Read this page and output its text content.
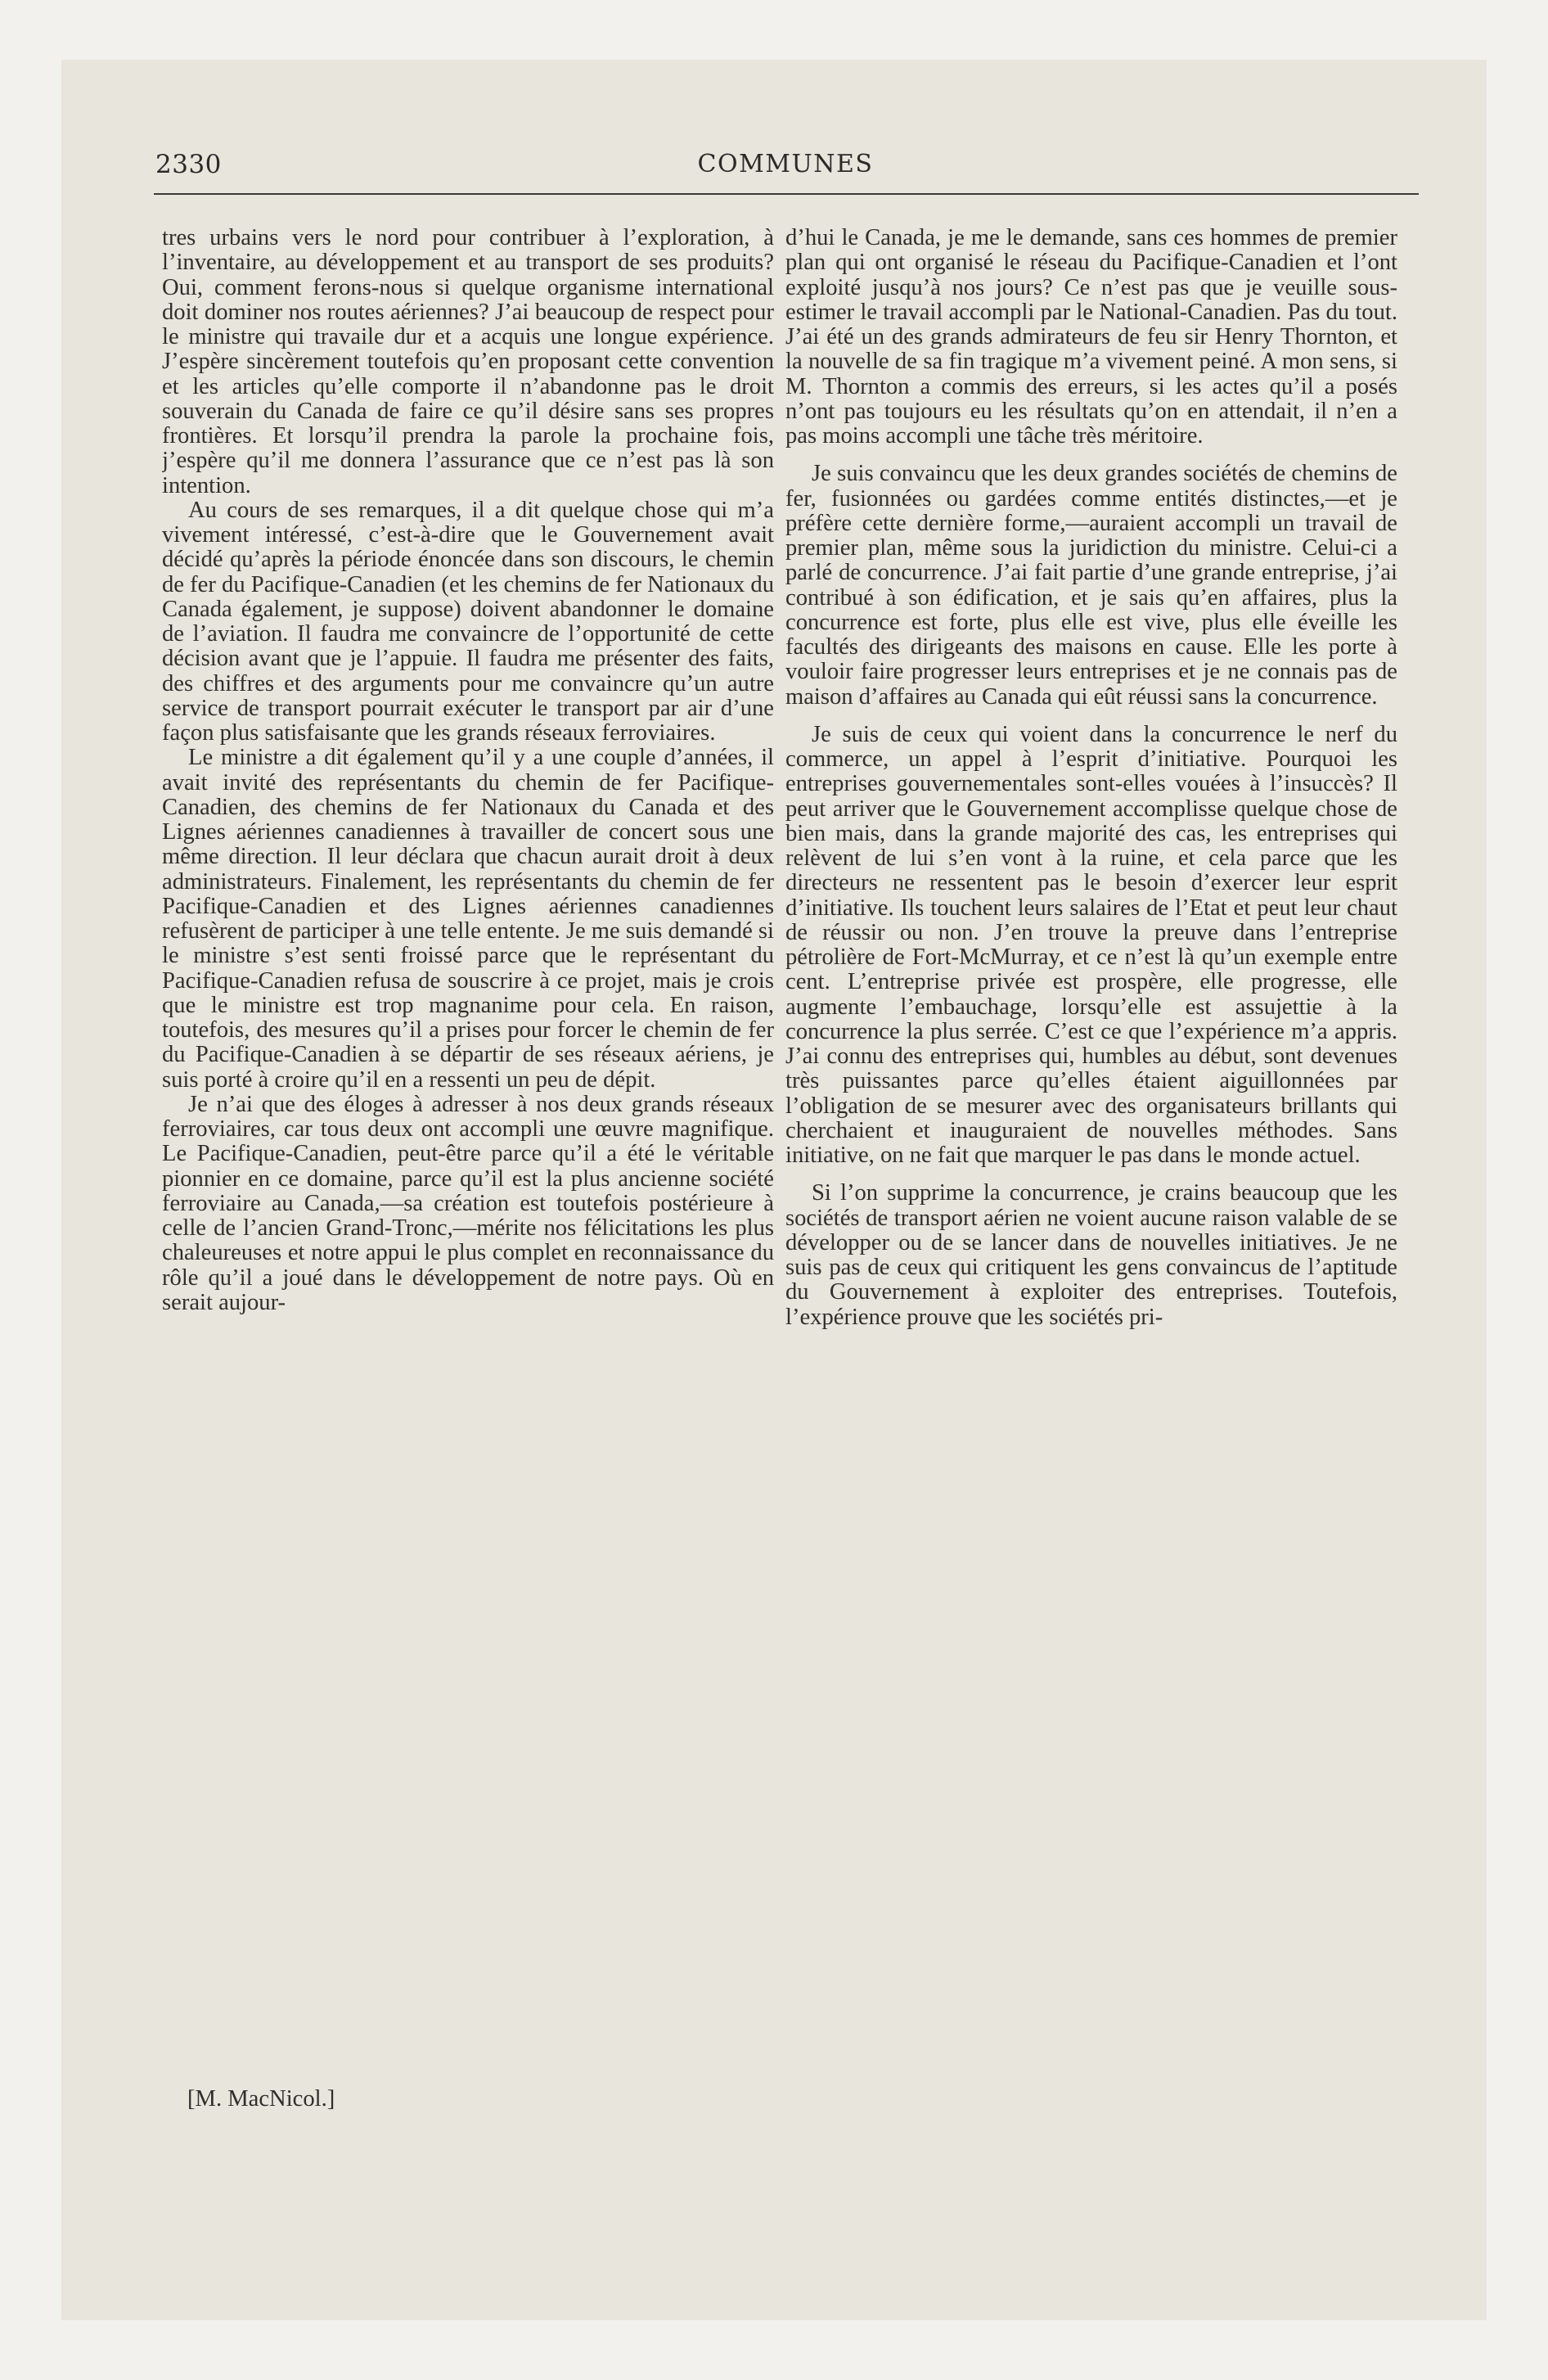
2330	COMMUNES

tres urbains vers le nord pour contribuer à l’exploration, à l’inventaire, au développement et au transport de ses produits? Oui, comment ferons-nous si quelque organisme international doit dominer nos routes aériennes? J’ai beaucoup de respect pour le ministre qui travaile dur et a acquis une longue expérience. J’espère sincèrement toutefois qu’en proposant cette convention et les articles qu’elle comporte il n’abandonne pas le droit souverain du Canada de faire ce qu’il désire sans ses propres frontières. Et lorsqu’il prendra la parole la prochaine fois, j’espère qu’il me donnera l’assurance que ce n’est pas là son intention.

Au cours de ses remarques, il a dit quelque chose qui m’a vivement intéressé, c’est-à-dire que le Gouvernement avait décidé qu’après la période énoncée dans son discours, le chemin de fer du Pacifique-Canadien (et les chemins de fer Nationaux du Canada également, je suppose) doivent abandonner le domaine de l’aviation. Il faudra me convaincre de l’opportunité de cette décision avant que je l’appuie. Il faudra me présenter des faits, des chiffres et des arguments pour me convaincre qu’un autre service de transport pourrait exécuter le transport par air d’une façon plus satisfaisante que les grands réseaux ferroviaires.

Le ministre a dit également qu’il y a une couple d’années, il avait invité des représentants du chemin de fer Pacifique-Canadien, des chemins de fer Nationaux du Canada et des Lignes aériennes canadiennes à travailler de concert sous une même direction. Il leur déclara que chacun aurait droit à deux administrateurs. Finalement, les représentants du chemin de fer Pacifique-Canadien et des Lignes aériennes canadiennes refusèrent de participer à une telle entente. Je me suis demandé si le ministre s’est senti froissé parce que le représentant du Pacifique-Canadien refusa de souscrire à ce projet, mais je crois que le ministre est trop magnanime pour cela. En raison, toutefois, des mesures qu’il a prises pour forcer le chemin de fer du Pacifique-Canadien à se départir de ses réseaux aériens, je suis porté à croire qu’il en a ressenti un peu de dépit.

Je n’ai que des éloges à adresser à nos deux grands réseaux ferroviaires, car tous deux ont accompli une œuvre magnifique. Le Pacifique-Canadien, peut-être parce qu’il a été le véritable pionnier en ce domaine, parce qu’il est la plus ancienne société ferroviaire au Canada,—sa création est toutefois postérieure à celle de l’ancien Grand-Tronc,—mérite nos félicitations les plus chaleureuses et notre appui le plus complet en reconnaissance du rôle qu’il a joué dans le développement de notre pays. Où en serait aujour-

d’hui le Canada, je me le demande, sans ces hommes de premier plan qui ont organisé le réseau du Pacifique-Canadien et l’ont exploité jusqu’à nos jours? Ce n’est pas que je veuille sous-estimer le travail accompli par le National-Canadien. Pas du tout. J’ai été un des grands admirateurs de feu sir Henry Thornton, et la nouvelle de sa fin tragique m’a vivement peiné. A mon sens, si M. Thornton a commis des erreurs, si les actes qu’il a posés n’ont pas toujours eu les résultats qu’on en attendait, il n’en a pas moins accompli une tâche très méritoire.

Je suis convaincu que les deux grandes sociétés de chemins de fer, fusionnées ou gardées comme entités distinctes,—et je préfère cette dernière forme,—auraient accompli un travail de premier plan, même sous la juridiction du ministre. Celui-ci a parlé de concurrence. J’ai fait partie d’une grande entreprise, j’ai contribué à son édification, et je sais qu’en affaires, plus la concurrence est forte, plus elle est vive, plus elle éveille les facultés des dirigeants des maisons en cause. Elle les porte à vouloir faire progresser leurs entreprises et je ne connais pas de maison d’affaires au Canada qui eût réussi sans la concurrence.

Je suis de ceux qui voient dans la concurrence le nerf du commerce, un appel à l’esprit d’initiative. Pourquoi les entreprises gouvernementales sont-elles vouées à l’insuccès? Il peut arriver que le Gouvernement accomplisse quelque chose de bien mais, dans la grande majorité des cas, les entreprises qui relèvent de lui s’en vont à la ruine, et cela parce que les directeurs ne ressentent pas le besoin d’exercer leur esprit d’initiative. Ils touchent leurs salaires de l’Etat et peut leur chaut de réussir ou non. J’en trouve la preuve dans l’entreprise pétrolière de Fort-McMurray, et ce n’est là qu’un exemple entre cent. L’entreprise privée est prospère, elle progresse, elle augmente l’embauchage, lorsqu’elle est assujettie à la concurrence la plus serrée. C’est ce que l’expérience m’a appris. J’ai connu des entreprises qui, humbles au début, sont devenues très puissantes parce qu’elles étaient aiguillonnées par l’obligation de se mesurer avec des organisateurs brillants qui cherchaient et inauguraient de nouvelles méthodes. Sans initiative, on ne fait que marquer le pas dans le monde actuel.

Si l’on supprime la concurrence, je crains beaucoup que les sociétés de transport aérien ne voient aucune raison valable de se développer ou de se lancer dans de nouvelles initiatives. Je ne suis pas de ceux qui critiquent les gens convaincus de l’aptitude du Gouvernement à exploiter des entreprises. Toutefois, l’expérience prouve que les sociétés pri-

[M. MacNicol.]
